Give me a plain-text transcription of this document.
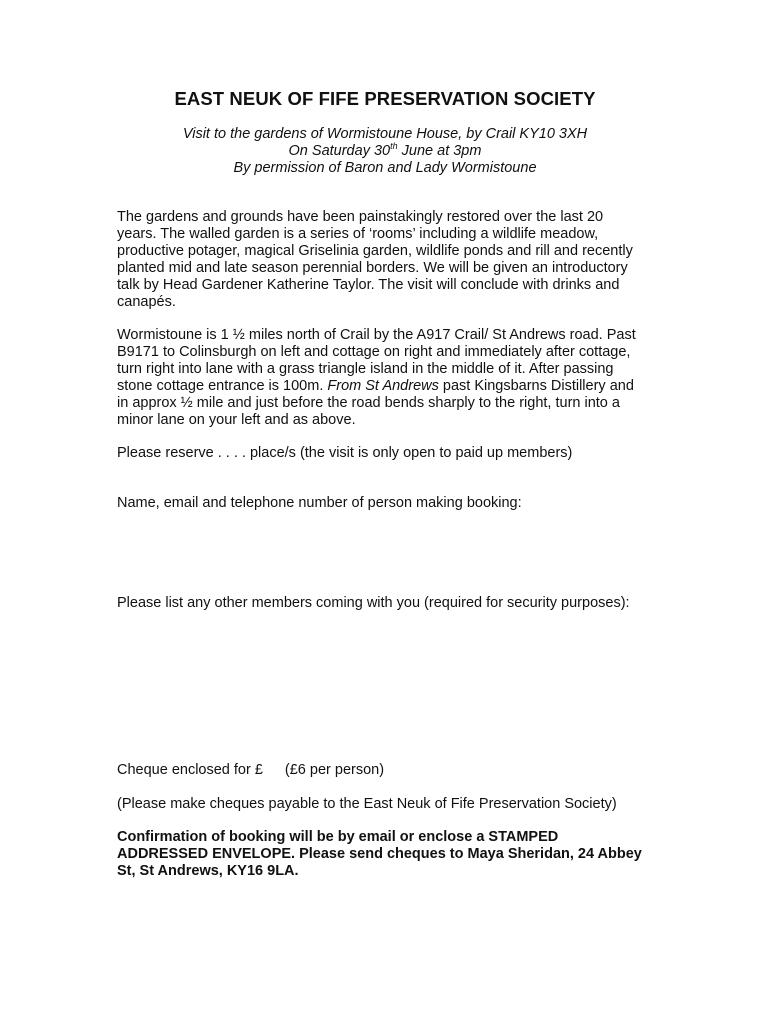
EAST NEUK OF FIFE PRESERVATION SOCIETY

Visit to the gardens of Wormistoune House, by Crail KY10 3XH

On Saturday 30th June at 3pm

By permission of Baron and Lady Wormistoune

The gardens and grounds have been painstakingly restored over the last 20 years. The walled garden is a series of ‘rooms’ including a wildlife meadow, productive potager, magical Griselinia garden, wildlife ponds and rill and recently planted mid and late season perennial borders. We will be given an introductory talk by Head Gardener Katherine Taylor. The visit will conclude with drinks and canapés.

Wormistoune is 1 ½ miles north of Crail by the A917 Crail/ St Andrews road. Past B9171 to Colinsburgh on left and cottage on right and immediately after cottage, turn right into lane with a grass triangle island in the middle of it. After passing stone cottage entrance is 100m. From St Andrews past Kingsbarns Distillery and in approx ½ mile and just before the road bends sharply to the right, turn into a minor lane on your left and as above.

Please reserve . . . . place/s (the visit is only open to paid up members)

Name, email and telephone number of person making booking:

Please list any other members coming with you (required for security purposes):

Cheque enclosed for £ (£6 per person)

(Please make cheques payable to the East Neuk of Fife Preservation Society)

Confirmation of booking will be by email or enclose a STAMPED ADDRESSED ENVELOPE. Please send cheques to Maya Sheridan, 24 Abbey St, St Andrews, KY16 9LA.
